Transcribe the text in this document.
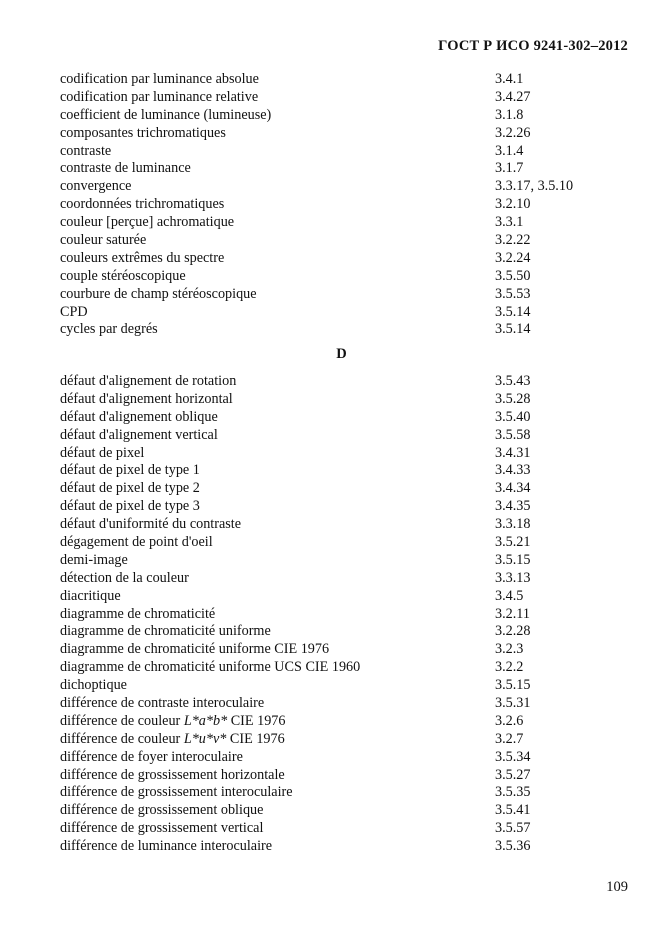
ГОСТ Р ИСО 9241-302–2012
codification par luminance absolue	3.4.1
codification par luminance relative	3.4.27
coefficient de luminance (lumineuse)	3.1.8
composantes trichromatiques	3.2.26
contraste	3.1.4
contraste de luminance	3.1.7
convergence	3.3.17, 3.5.10
coordonnées trichromatiques	3.2.10
couleur [perçue] achromatique	3.3.1
couleur saturée	3.2.22
couleurs extrêmes du spectre	3.2.24
couple stéréoscopique	3.5.50
courbure de champ stéréoscopique	3.5.53
CPD	3.5.14
cycles par degrés	3.5.14
D
défaut d'alignement de rotation	3.5.43
défaut d'alignement horizontal	3.5.28
défaut d'alignement oblique	3.5.40
défaut d'alignement vertical	3.5.58
défaut de pixel	3.4.31
défaut de pixel de type 1	3.4.33
défaut de pixel de type 2	3.4.34
défaut de pixel de type 3	3.4.35
défaut d'uniformité du contraste	3.3.18
dégagement de point d'oeil	3.5.21
demi-image	3.5.15
détection de la couleur	3.3.13
diacritique	3.4.5
diagramme de chromaticité	3.2.11
diagramme de chromaticité uniforme	3.2.28
diagramme de chromaticité uniforme CIE 1976	3.2.3
diagramme de chromaticité uniforme UCS CIE 1960	3.2.2
dichoptique	3.5.15
différence de contraste interoculaire	3.5.31
différence de couleur L*a*b* CIE 1976	3.2.6
différence de couleur L*u*v* CIE 1976	3.2.7
différence de foyer interoculaire	3.5.34
différence de grossissement horizontale	3.5.27
différence de grossissement interoculaire	3.5.35
différence de grossissement oblique	3.5.41
différence de grossissement vertical	3.5.57
différence de luminance interoculaire	3.5.36
109
